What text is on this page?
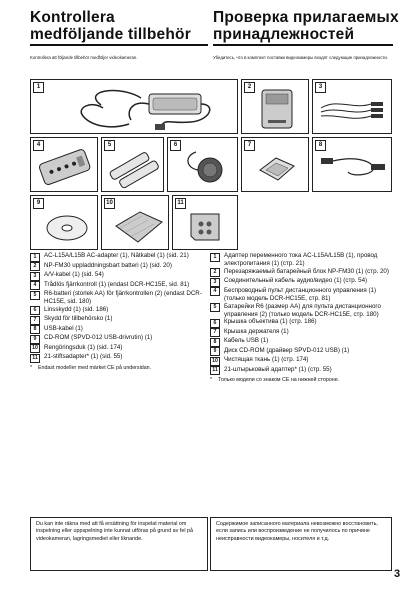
Kontrollera
medföljande tillbehör
Проверка прилагаемых
принадлежностей
Kontrollera att följande tillbehör medföljer videokameran.	Убедитесь, что в комплект поставки видеокамеры входят следующие принадлежности.
1	2	3
4	5	6	7	8
9	10	11
1	AC-L15A/L15B AC-adapter (1), Nätkabel (1) (sid. 21)
2	NP-FM30 uppladdningsbart batteri (1) (sid. 20)
3	A/V-kabel (1) (sid. 54)
4	Trådlös fjärrkontroll (1) (endast DCR-HC15E, sid. 81)
5	R6-batteri (storlek AA) för fjärrkontrollen (2) (endast DCR-HC15E, sid. 180)
6	Linsskydd (1) (sid. 186)
7	Skydd för tillbehörsko (1)
8	USB-kabel (1)
9	CD-ROM (SPVD-012 USB-drivrutin) (1)
10 Rengöringsduk (1) (sid. 174)
11	21-stiftsadapter* (1) (sid. 55)
*	Endast modeller med märket CE på undersidan.
1	Адаптер переменного тока AC-L15A/L15B (1), провод электропитания (1) (стр. 21)
2	Перезаряжаемый батарейный блок NP-FM30 (1) (стр. 20)
3	Соединительный кабель аудио/видео (1) (стр. 54)
4	Беспроводный пульт дистанционного управления (1) (только модель DCR-HC15E, стр. 81)
5	Батарейки R6 (размер АА) для пульта дистанционного управления (2) (только модель DCR-HC15E, стр. 180)
6	Крышка объектива (1) (стр. 186)
7	Крышка держателя (1)
8	Кабель USB (1)
9	Диск CD-ROM (драйвер SPVD-012 USB) (1)
10 Чистящая ткань (1) (стр. 174)
11	21-штырьковый адаптер* (1) (стр. 55)
*	Только модели со знаком CE на нижней стороне.
Du kan inte räkna med att få ersättning för inspelat material om inspelning eller uppspelning inte kunnat utföras på grund av fel på videokameran, lagringsmediet eller liknande.
Содержимое записанного материала невозможно восстановить, если запись или воспроизведение не получилось по причине неисправности видеокамеры, носителя и т.д.
3
